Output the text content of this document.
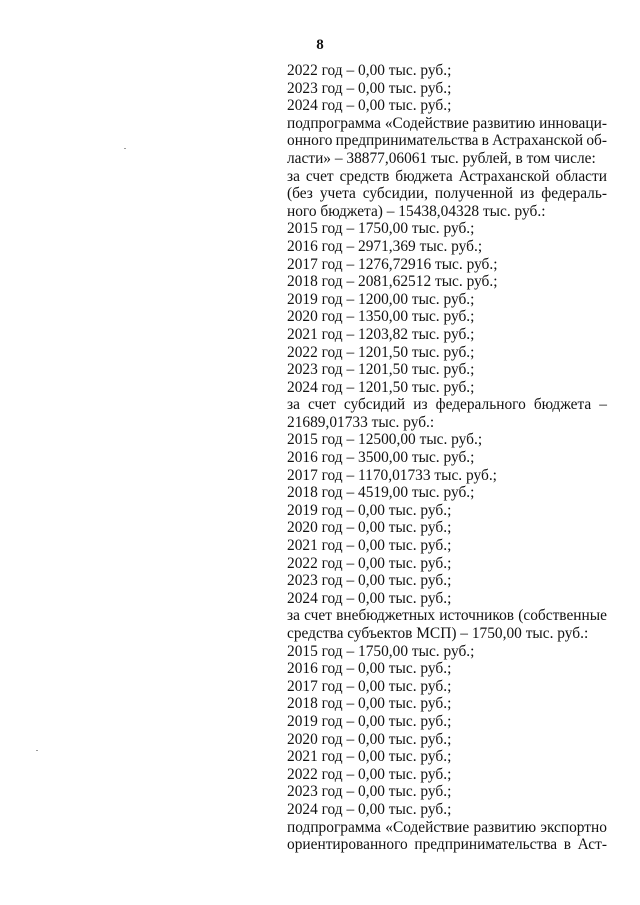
8
2022 год – 0,00 тыс. руб.;
2023 год – 0,00 тыс. руб.;
2024 год – 0,00 тыс. руб.;
подпрограмма «Содействие развитию инноваци-
онного предпринимательства в Астраханской об-
ласти» – 38877,06061 тыс. рублей, в том числе:
за счет средств бюджета Астраханской области
(без учета субсидии, полученной из федераль-
ного бюджета) – 15438,04328 тыс. руб.:
2015 год – 1750,00 тыс. руб.;
2016 год – 2971,369 тыс. руб.;
2017 год – 1276,72916 тыс. руб.;
2018 год – 2081,62512 тыс. руб.;
2019 год – 1200,00 тыс. руб.;
2020 год – 1350,00 тыс. руб.;
2021 год – 1203,82 тыс. руб.;
2022 год – 1201,50 тыс. руб.;
2023 год – 1201,50 тыс. руб.;
2024 год – 1201,50 тыс. руб.;
за счет субсидий из федерального бюджета –
21689,01733 тыс. руб.:
2015 год – 12500,00 тыс. руб.;
2016 год – 3500,00 тыс. руб.;
2017 год – 1170,01733 тыс. руб.;
2018 год – 4519,00 тыс. руб.;
2019 год – 0,00 тыс. руб.;
2020 год – 0,00 тыс. руб.;
2021 год – 0,00 тыс. руб.;
2022 год – 0,00 тыс. руб.;
2023 год – 0,00 тыс. руб.;
2024 год – 0,00 тыс. руб.;
за счет внебюджетных источников (собственные
средства субъектов МСП) – 1750,00 тыс. руб.:
2015 год – 1750,00 тыс. руб.;
2016 год – 0,00 тыс. руб.;
2017 год – 0,00 тыс. руб.;
2018 год – 0,00 тыс. руб.;
2019 год – 0,00 тыс. руб.;
2020 год – 0,00 тыс. руб.;
2021 год – 0,00 тыс. руб.;
2022 год – 0,00 тыс. руб.;
2023 год – 0,00 тыс. руб.;
2024 год – 0,00 тыс. руб.;
подпрограмма «Содействие развитию экспортно
ориентированного предпринимательства в Аст-
